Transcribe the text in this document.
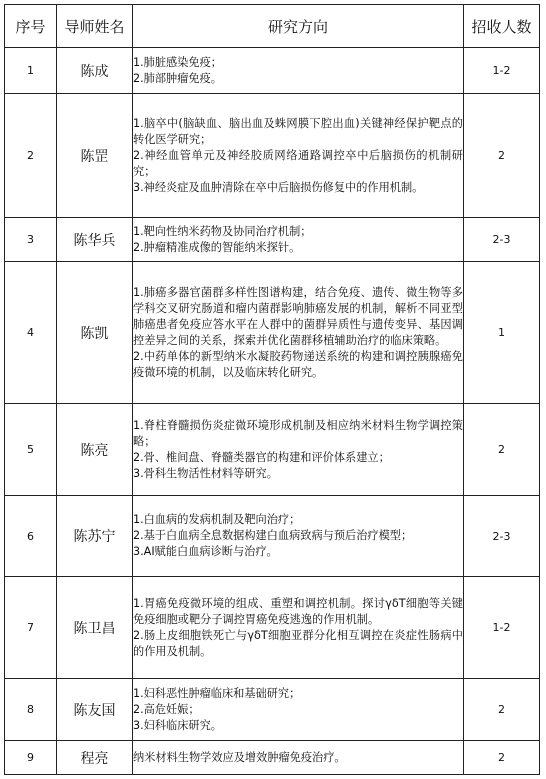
序号	导师姓名	研究方向	招收人数
1	陈成	1.肺脏感染免疫；
2.肺部肿瘤免疫。	1-2
2	陈罡	1.脑卒中(脑缺血、脑出血及蛛网膜下腔出血)关键神经保护靶点的转化医学研究；
2.神经血管单元及神经胶质网络通路调控卒中后脑损伤的机制研究；
3.神经炎症及血肿清除在卒中后脑损伤修复中的作用机制。	2
3	陈华兵	1.靶向性纳米药物及协同治疗机制；
2.肿瘤精准成像的智能纳米探针。	2-3
4	陈凯	1.肺癌多器官菌群多样性图谱构建，结合免疫、遗传、微生物等多学科交叉研究肠道和瘤内菌群影响肺癌发展的机制，解析不同亚型肺癌患者免疫应答水平在人群中的菌群异质性与遗传变异、基因调控差异之间的关系，探索并优化菌群移植辅助治疗的临床策略。
2.中药单体的新型纳米水凝胶药物递送系统的构建和调控胰腺癌免疫微环境的机制，以及临床转化研究。	1
5	陈亮	1.脊柱脊髓损伤炎症微环境形成机制及相应纳米材料生物学调控策略；
2.骨、椎间盘、脊髓类器官的构建和评价体系建立；
3.骨科生物活性材料等研究。	2
6	陈苏宁	1.白血病的发病机制及靶向治疗；
2.基于白血病全息数据构建白血病致病与预后治疗模型；
3.AI赋能白血病诊断与治疗。	2-3
7	陈卫昌	1.胃癌免疫微环境的组成、重塑和调控机制。探讨γδT细胞等关键免疫细胞或靶分子调控胃癌免疫逃逸的作用机制。
2.肠上皮细胞铁死亡与γδT细胞亚群分化相互调控在炎症性肠病中的作用及机制。	1-2
8	陈友国	1.妇科恶性肿瘤临床和基础研究；
2.高危妊娠；
3.妇科临床研究。	2
9	程亮	纳米材料生物学效应及增效肿瘤免疫治疗。	2
